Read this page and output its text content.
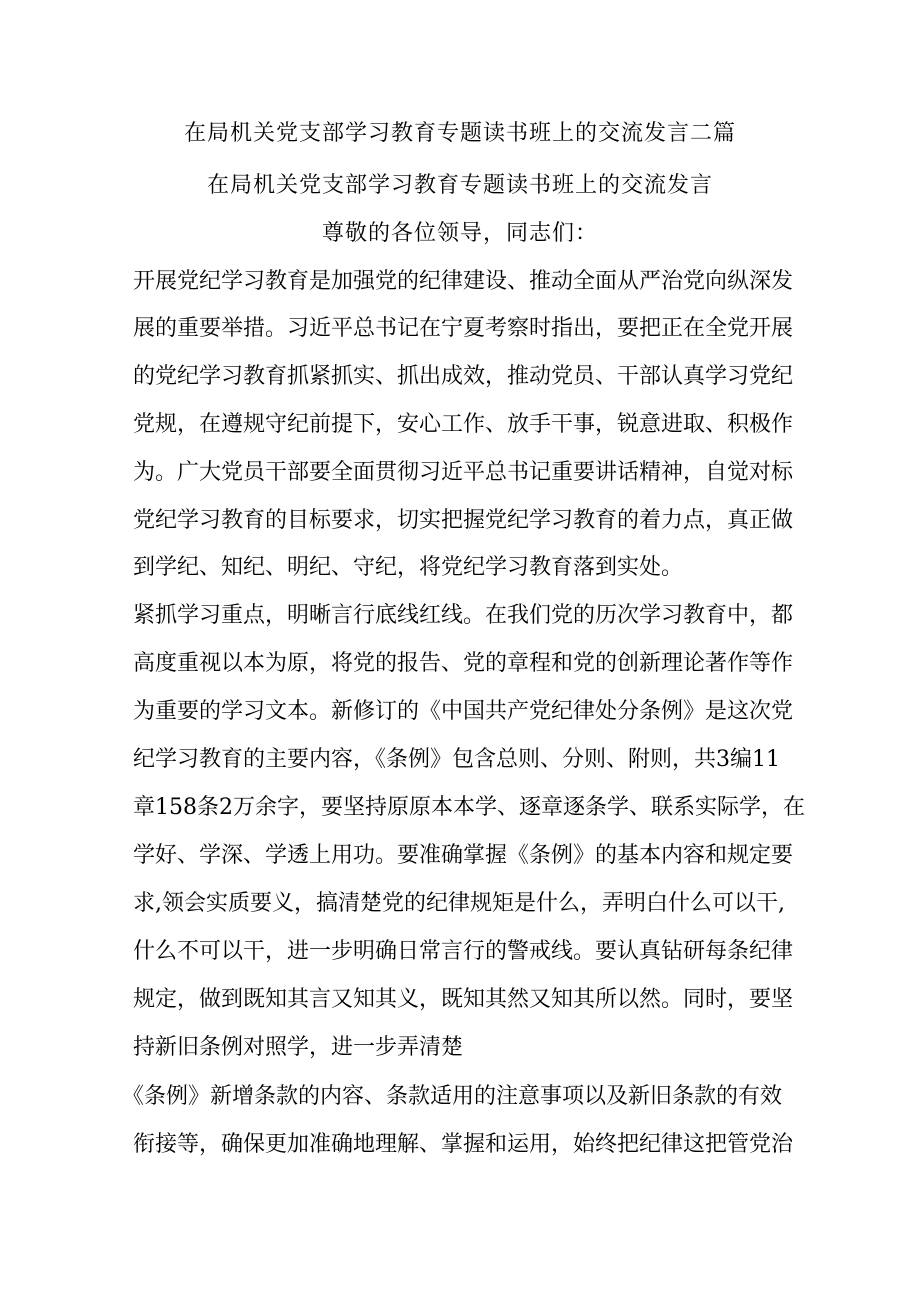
在局机关党支部学习教育专题读书班上的交流发言二篇
在局机关党支部学习教育专题读书班上的交流发言
尊敬的各位领导，同志们：
开展党纪学习教育是加强党的纪律建设、推动全面从严治党向纵深发
展的重要举措。习近平总书记在宁夏考察时指出，要把正在全党开展
的党纪学习教育抓紧抓实、抓出成效，推动党员、干部认真学习党纪
党规，在遵规守纪前提下，安心工作、放手干事，锐意进取、积极作
为。广大党员干部要全面贯彻习近平总书记重要讲话精神，自觉对标
党纪学习教育的目标要求，切实把握党纪学习教育的着力点，真正做
到学纪、知纪、明纪、守纪，将党纪学习教育落到实处。
紧抓学习重点，明晰言行底线红线。在我们党的历次学习教育中，都
高度重视以本为原，将党的报告、党的章程和党的创新理论著作等作
为重要的学习文本。新修订的《中国共产党纪律处分条例》是这次党
纪学习教育的主要内容，《条例》包含总则、分则、附则，共3编11
章158条2万余字，要坚持原原本本学、逐章逐条学、联系实际学，在
学好、学深、学透上用功。要准确掌握《条例》的基本内容和规定要
求,领会实质要义，搞清楚党的纪律规矩是什么，弄明白什么可以干,
什么不可以干，进一步明确日常言行的警戒线。要认真钻研每条纪律
规定，做到既知其言又知其义，既知其然又知其所以然。同时，要坚
持新旧条例对照学，进一步弄清楚
《条例》新增条款的内容、条款适用的注意事项以及新旧条款的有效
衔接等，确保更加准确地理解、掌握和运用，始终把纪律这把管党治
